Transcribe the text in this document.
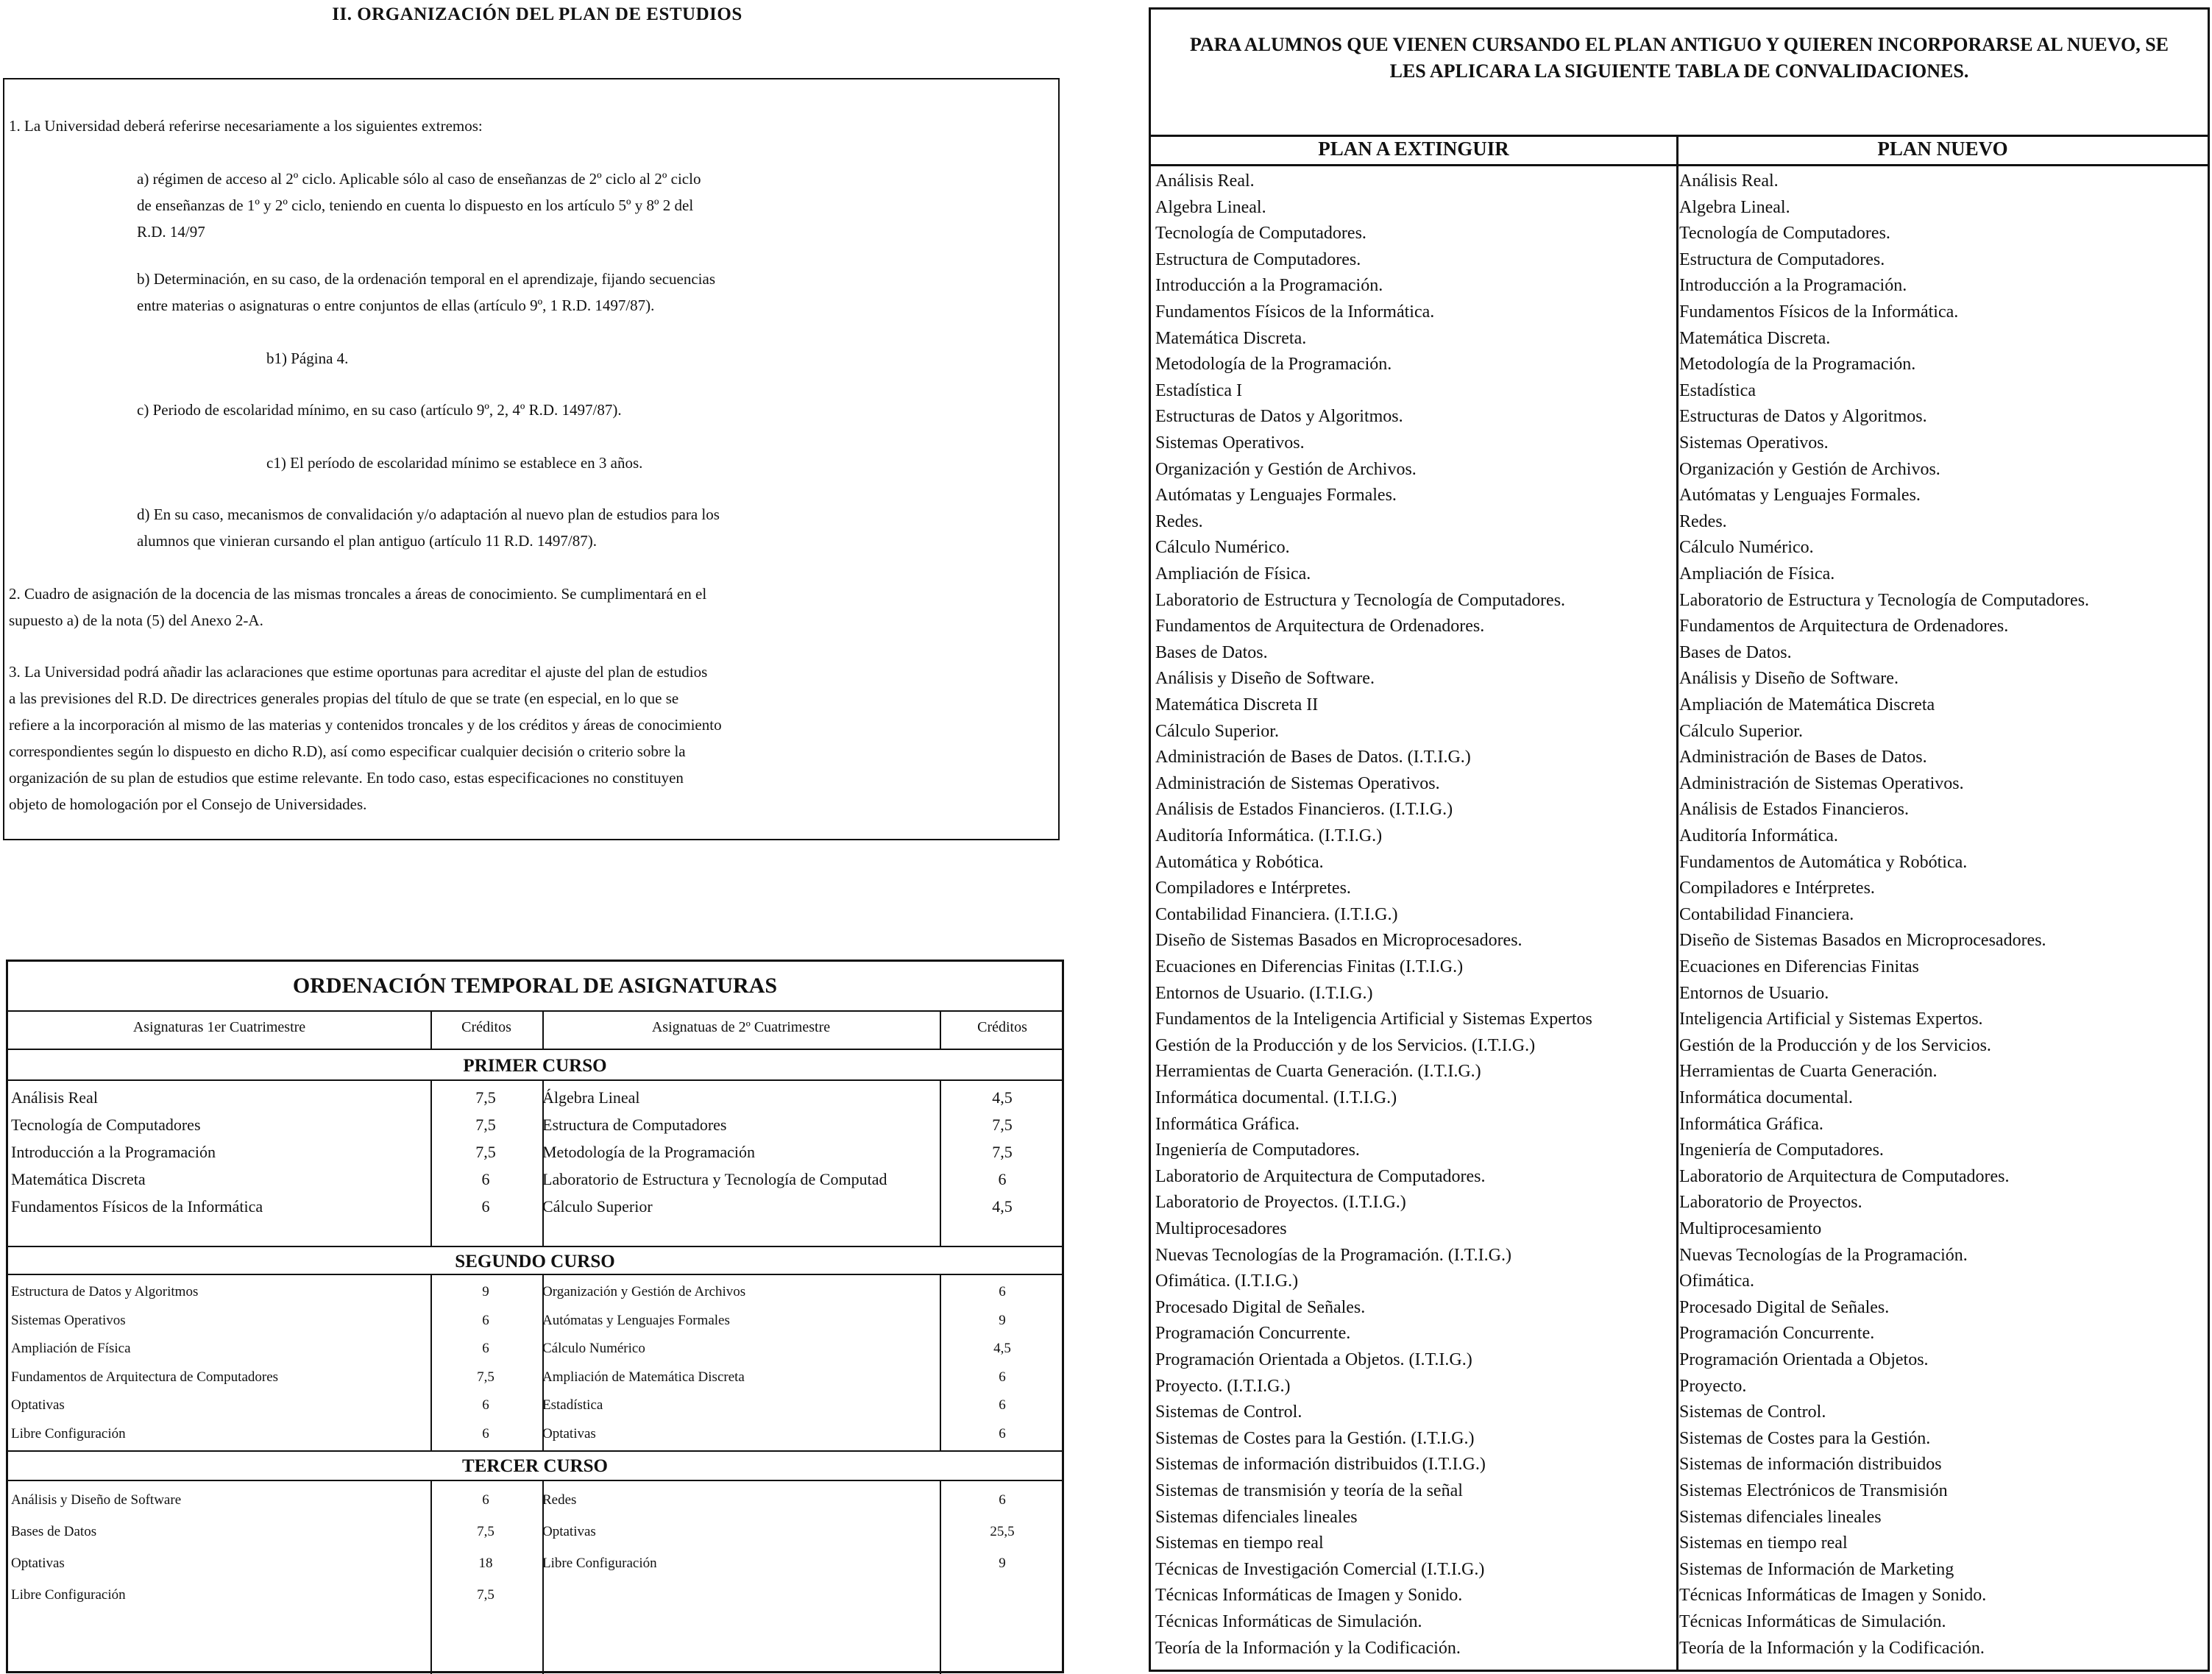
II. ORGANIZACIÓN DEL PLAN DE ESTUDIOS
1. La Universidad deberá referirse necesariamente a los siguientes extremos:
a) régimen de acceso al 2º ciclo. Aplicable sólo al caso de enseñanzas de 2º ciclo al 2º ciclo
de enseñanzas de 1º y 2º ciclo, teniendo en cuenta lo dispuesto en los artículo 5º y 8º 2 del
R.D. 14/97
b) Determinación, en su caso, de la ordenación temporal en el aprendizaje, fijando secuencias
entre materias o asignaturas o entre conjuntos de ellas (artículo 9º, 1 R.D. 1497/87).
b1) Página 4.
c) Periodo de escolaridad mínimo, en su caso (artículo 9º, 2, 4º R.D. 1497/87).
c1) El período de escolaridad mínimo se establece en 3 años.
d) En su caso, mecanismos de convalidación y/o adaptación al nuevo plan de estudios para los
alumnos que vinieran cursando el plan antiguo (artículo 11 R.D. 1497/87).
2. Cuadro de asignación de la docencia de las mismas troncales a áreas de conocimiento. Se cumplimentará en el
supuesto a) de la nota (5) del Anexo 2-A.
3. La Universidad podrá añadir las aclaraciones que estime oportunas para acreditar el ajuste del plan de estudios
a las previsiones del R.D. De directrices generales propias del título de que se trate (en especial, en lo que se
refiere a la incorporación al mismo de las materias y contenidos troncales y de los créditos y áreas de conocimiento
correspondientes según lo dispuesto en dicho R.D), así como especificar cualquier decisión o criterio sobre la
organización de su plan de estudios que estime relevante. En todo caso, estas especificaciones no constituyen
objeto de homologación por el Consejo de Universidades.
ORDENACIÓN TEMPORAL DE ASIGNATURAS
Asignaturas 1er Cuatrimestre	Créditos	Asignatuas de 2º Cuatrimestre	Créditos
PRIMER CURSO
Análisis Real	7,5	Álgebra Lineal	4,5
Tecnología de Computadores	7,5	Estructura de Computadores	7,5
Introducción a la Programación	7,5	Metodología de la Programación	7,5
Matemática Discreta	6	Laboratorio de Estructura y Tecnología de Computad	6
Fundamentos Físicos de la Informática	6	Cálculo Superior	4,5
SEGUNDO CURSO
Estructura de Datos y Algoritmos	9	Organización y Gestión de Archivos	6
Sistemas Operativos	6	Autómatas y Lenguajes Formales	9
Ampliación de Física	6	Cálculo Numérico	4,5
Fundamentos de Arquitectura de Computadores	7,5	Ampliación de Matemática Discreta	6
Optativas	6	Estadística	6
Libre Configuración	6	Optativas	6
TERCER CURSO
Análisis y Diseño de Software	6	Redes	6
Bases de Datos	7,5	Optativas	25,5
Optativas	18	Libre Configuración	9
Libre Configuración	7,5
PARA ALUMNOS QUE VIENEN CURSANDO EL PLAN ANTIGUO Y QUIEREN INCORPORARSE AL NUEVO, SE LES APLICARA LA SIGUIENTE TABLA DE CONVALIDACIONES.
PLAN A EXTINGUIR	PLAN NUEVO
Análisis Real.	Análisis Real.
Algebra Lineal.	Algebra Lineal.
Tecnología de Computadores.	Tecnología de Computadores.
Estructura de Computadores.	Estructura de Computadores.
Introducción a la Programación.	Introducción a la Programación.
Fundamentos Físicos de la Informática.	Fundamentos Físicos de la Informática.
Matemática Discreta.	Matemática Discreta.
Metodología de la Programación.	Metodología de la Programación.
Estadística I	Estadística
Estructuras de Datos y Algoritmos.	Estructuras de Datos y Algoritmos.
Sistemas Operativos.	Sistemas Operativos.
Organización y Gestión de Archivos.	Organización y Gestión de Archivos.
Autómatas y Lenguajes Formales.	Autómatas y Lenguajes Formales.
Redes.	Redes.
Cálculo Numérico.	Cálculo Numérico.
Ampliación de Física.	Ampliación de Física.
Laboratorio de Estructura y Tecnología de Computadores.	Laboratorio de Estructura y Tecnología de Computadores.
Fundamentos de Arquitectura de Ordenadores.	Fundamentos de Arquitectura de Ordenadores.
Bases de Datos.	Bases de Datos.
Análisis y Diseño de Software.	Análisis y Diseño de Software.
Matemática Discreta II	Ampliación de Matemática Discreta
Cálculo Superior.	Cálculo Superior.
Administración de Bases de Datos. (I.T.I.G.)	Administración de Bases de Datos.
Administración de Sistemas Operativos.	Administración de Sistemas Operativos.
Análisis de Estados Financieros. (I.T.I.G.)	Análisis de Estados Financieros.
Auditoría Informática. (I.T.I.G.)	Auditoría Informática.
Automática y Robótica.	Fundamentos de Automática y Robótica.
Compiladores e Intérpretes.	Compiladores e Intérpretes.
Contabilidad Financiera. (I.T.I.G.)	Contabilidad Financiera.
Diseño de Sistemas Basados en Microprocesadores.	Diseño de Sistemas Basados en Microprocesadores.
Ecuaciones en Diferencias Finitas (I.T.I.G.)	Ecuaciones en Diferencias Finitas
Entornos de Usuario. (I.T.I.G.)	Entornos de Usuario.
Fundamentos de la Inteligencia Artificial y Sistemas Expertos	Inteligencia Artificial y Sistemas Expertos.
Gestión de la Producción y de los Servicios. (I.T.I.G.)	Gestión de la Producción y de los Servicios.
Herramientas de Cuarta Generación. (I.T.I.G.)	Herramientas de Cuarta Generación.
Informática documental. (I.T.I.G.)	Informática documental.
Informática Gráfica.	Informática Gráfica.
Ingeniería de Computadores.	Ingeniería de Computadores.
Laboratorio de Arquitectura de Computadores.	Laboratorio de Arquitectura de Computadores.
Laboratorio de Proyectos. (I.T.I.G.)	Laboratorio de Proyectos.
Multiprocesadores	Multiprocesamiento
Nuevas Tecnologías de la Programación. (I.T.I.G.)	Nuevas Tecnologías de la Programación.
Ofimática. (I.T.I.G.)	Ofimática.
Procesado Digital de Señales.	Procesado Digital de Señales.
Programación Concurrente.	Programación Concurrente.
Programación Orientada a Objetos. (I.T.I.G.)	Programación Orientada a Objetos.
Proyecto. (I.T.I.G.)	Proyecto.
Sistemas de Control.	Sistemas de Control.
Sistemas de Costes para la Gestión. (I.T.I.G.)	Sistemas de Costes para la Gestión.
Sistemas de información distribuidos (I.T.I.G.)	Sistemas de información distribuidos
Sistemas de transmisión y teoría de la señal	Sistemas Electrónicos de Transmisión
Sistemas difenciales lineales	Sistemas difenciales lineales
Sistemas en tiempo real	Sistemas en tiempo real
Técnicas de Investigación Comercial (I.T.I.G.)	Sistemas de Información de Marketing
Técnicas Informáticas de Imagen y Sonido.	Técnicas Informáticas de Imagen y Sonido.
Técnicas Informáticas de Simulación.	Técnicas Informáticas de Simulación.
Teoría de la Información y la Codificación.	Teoría de la Información y la Codificación.
